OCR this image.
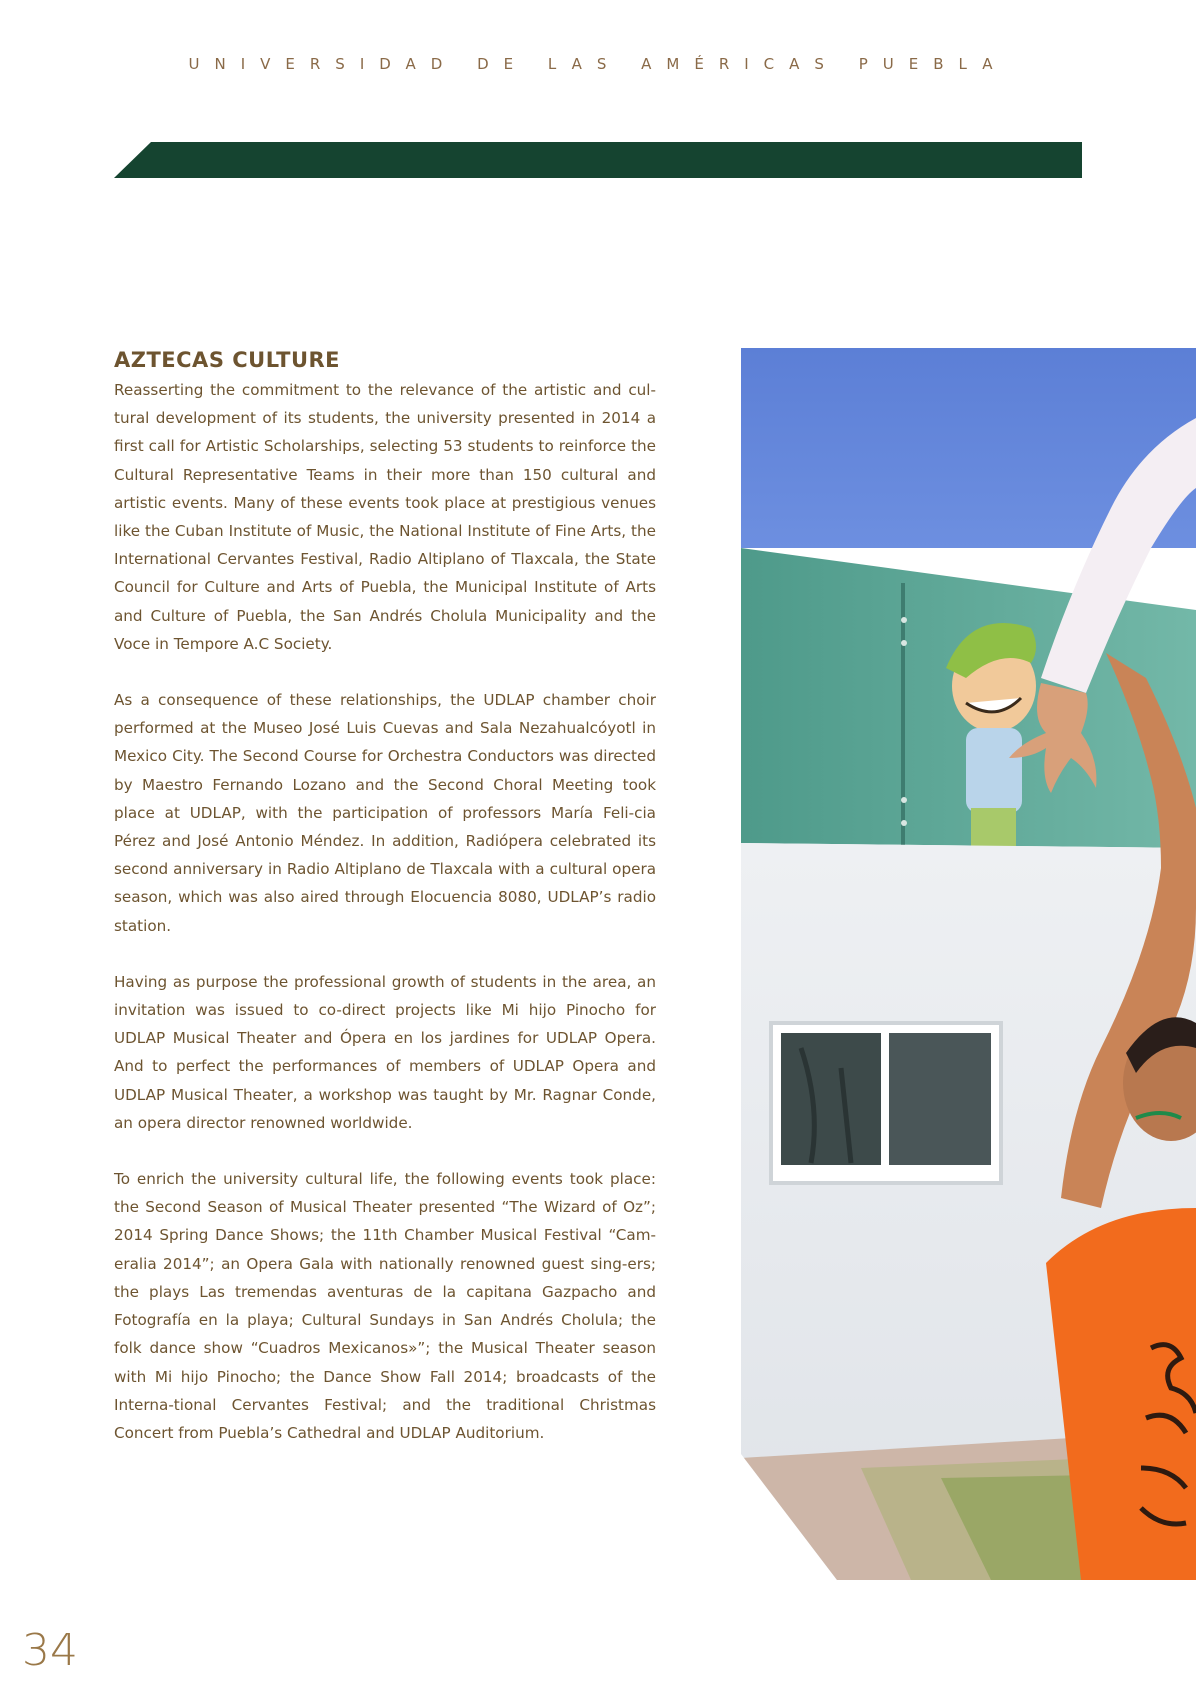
UNIVERSIDAD DE LAS AMÉRICAS PUEBLA
AZTECAS CULTURE

Reasserting the commitment to the relevance of the artistic and cul-tural development of its students, the university presented in 2014 a first call for Artistic Scholarships, selecting 53 students to reinforce the Cultural Representative Teams in their more than 150 cultural and artistic events. Many of these events took place at prestigious venues like the Cuban Institute of Music, the National Institute of Fine Arts, the International Cervantes Festival, Radio Altiplano of Tlaxcala, the State Council for Culture and Arts of Puebla, the Municipal Institute of Arts and Culture of Puebla, the San Andrés Cholula Municipality and the Voce in Tempore A.C Society.

As a consequence of these relationships, the UDLAP chamber choir performed at the Museo José Luis Cuevas and Sala Nezahualcóyotl in Mexico City. The Second Course for Orchestra Conductors was directed by Maestro Fernando Lozano and the Second Choral Meeting took place at UDLAP, with the participation of professors María Feli-cia Pérez and José Antonio Méndez. In addition, Radiópera celebrated its second anniversary in Radio Altiplano de Tlaxcala with a cultural opera season, which was also aired through Elocuencia 8080, UDLAP’s radio station.

Having as purpose the professional growth of students in the area, an invitation was issued to co-direct projects like Mi hijo Pinocho for UDLAP Musical Theater and Ópera en los jardines for UDLAP Opera. And to perfect the performances of members of UDLAP Opera and UDLAP Musical Theater, a workshop was taught by Mr. Ragnar Conde, an opera director renowned worldwide.

To enrich the university cultural life, the following events took place: the Second Season of Musical Theater presented “The Wizard of Oz”; 2014 Spring Dance Shows; the 11th Chamber Musical Festival “Cam-eralia 2014”; an Opera Gala with nationally renowned guest sing-ers; the plays Las tremendas aventuras de la capitana Gazpacho and Fotografía en la playa; Cultural Sundays in San Andrés Cholula; the folk dance show “Cuadros Mexicanos»”; the Musical Theater season with Mi hijo Pinocho; the Dance Show Fall 2014; broadcasts of the Interna-tional Cervantes Festival; and the traditional Christmas Concert from Puebla’s Cathedral and UDLAP Auditorium.

34
